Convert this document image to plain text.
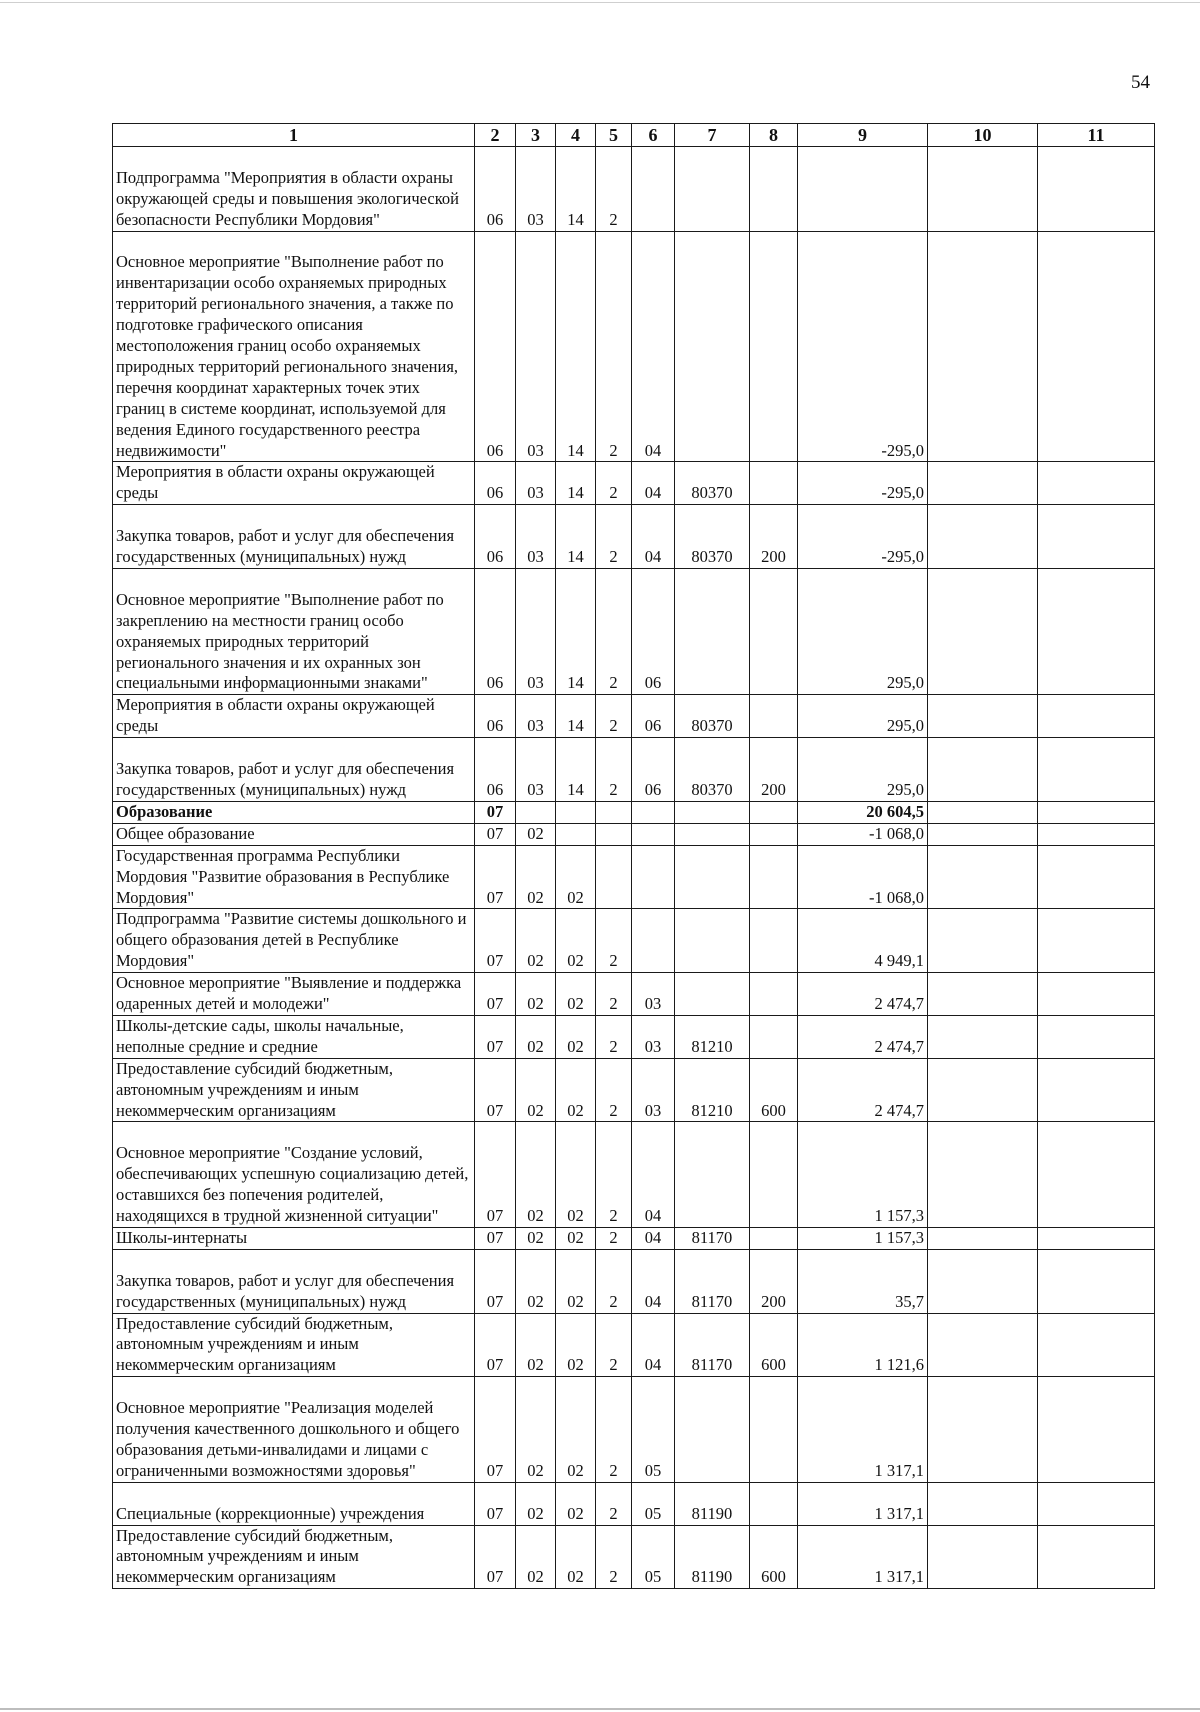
54
1	2	3	4	5	6	7	8	9	10	11
Подпрограмма "Мероприятия в области охраны окружающей среды и повышения экологической безопасности Республики Мордовия"	06	03	14	2						
Основное мероприятие "Выполнение работ по инвентаризации особо охраняемых природных территорий регионального значения, а также по подготовке графического описания местоположения границ особо охраняемых природных территорий регионального значения, перечня координат характерных точек этих границ в системе координат, используемой для ведения Единого государственного реестра недвижимости"	06	03	14	2	04			-295,0		
Мероприятия в области охраны окружающей среды	06	03	14	2	04	80370		-295,0		
Закупка товаров, работ и услуг для обеспечения государственных (муниципальных) нужд	06	03	14	2	04	80370	200	-295,0		
Основное мероприятие "Выполнение работ по закреплению на местности границ особо охраняемых природных территорий регионального значения и их охранных зон специальными информационными знаками"	06	03	14	2	06			295,0		
Мероприятия в области охраны окружающей среды	06	03	14	2	06	80370		295,0		
Закупка товаров, работ и услуг для обеспечения государственных (муниципальных) нужд	06	03	14	2	06	80370	200	295,0		
Образование	07							20 604,5		
Общее образование	07	02						-1 068,0		
Государственная программа Республики Мордовия "Развитие образования в Республике Мордовия"	07	02	02					-1 068,0		
Подпрограмма "Развитие системы дошкольного и общего образования детей в Республике Мордовия"	07	02	02	2				4 949,1		
Основное мероприятие "Выявление и поддержка одаренных детей и молодежи"	07	02	02	2	03			2 474,7		
Школы-детские сады, школы начальные, неполные средние и средние	07	02	02	2	03	81210		2 474,7		
Предоставление субсидий бюджетным, автономным учреждениям и иным некоммерческим организациям	07	02	02	2	03	81210	600	2 474,7		
Основное мероприятие "Создание условий, обеспечивающих успешную социализацию детей, оставшихся без попечения родителей, находящихся в трудной жизненной ситуации"	07	02	02	2	04			1 157,3		
Школы-интернаты	07	02	02	2	04	81170		1 157,3		
Закупка товаров, работ и услуг для обеспечения государственных (муниципальных) нужд	07	02	02	2	04	81170	200	35,7		
Предоставление субсидий бюджетным, автономным учреждениям и иным некоммерческим организациям	07	02	02	2	04	81170	600	1 121,6		
Основное мероприятие "Реализация моделей получения качественного дошкольного и общего образования детьми-инвалидами и лицами с ограниченными возможностями здоровья"	07	02	02	2	05			1 317,1		
Специальные (коррекционные) учреждения	07	02	02	2	05	81190		1 317,1		
Предоставление субсидий бюджетным, автономным учреждениям и иным некоммерческим организациям	07	02	02	2	05	81190	600	1 317,1		
